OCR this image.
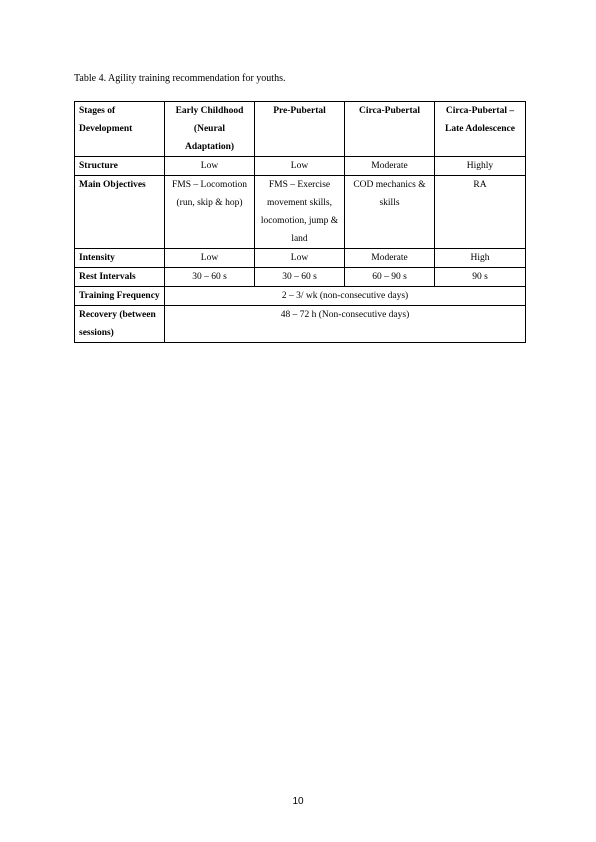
Table 4. Agility training recommendation for youths.
Stages of Development	Early Childhood (Neural Adaptation)	Pre-Pubertal	Circa-Pubertal	Circa-Pubertal – Late Adolescence
Structure	Low	Low	Moderate	Highly
Main Objectives	FMS – Locomotion (run, skip & hop)	FMS – Exercise movement skills, locomotion, jump & land	COD mechanics & skills	RA
Intensity	Low	Low	Moderate	High
Rest Intervals	30 – 60 s	30 – 60 s	60 – 90 s	90 s
Training Frequency	2 – 3/ wk (non-consecutive days)			
Recovery (between sessions)	48 – 72 h (Non-consecutive days)			
10
